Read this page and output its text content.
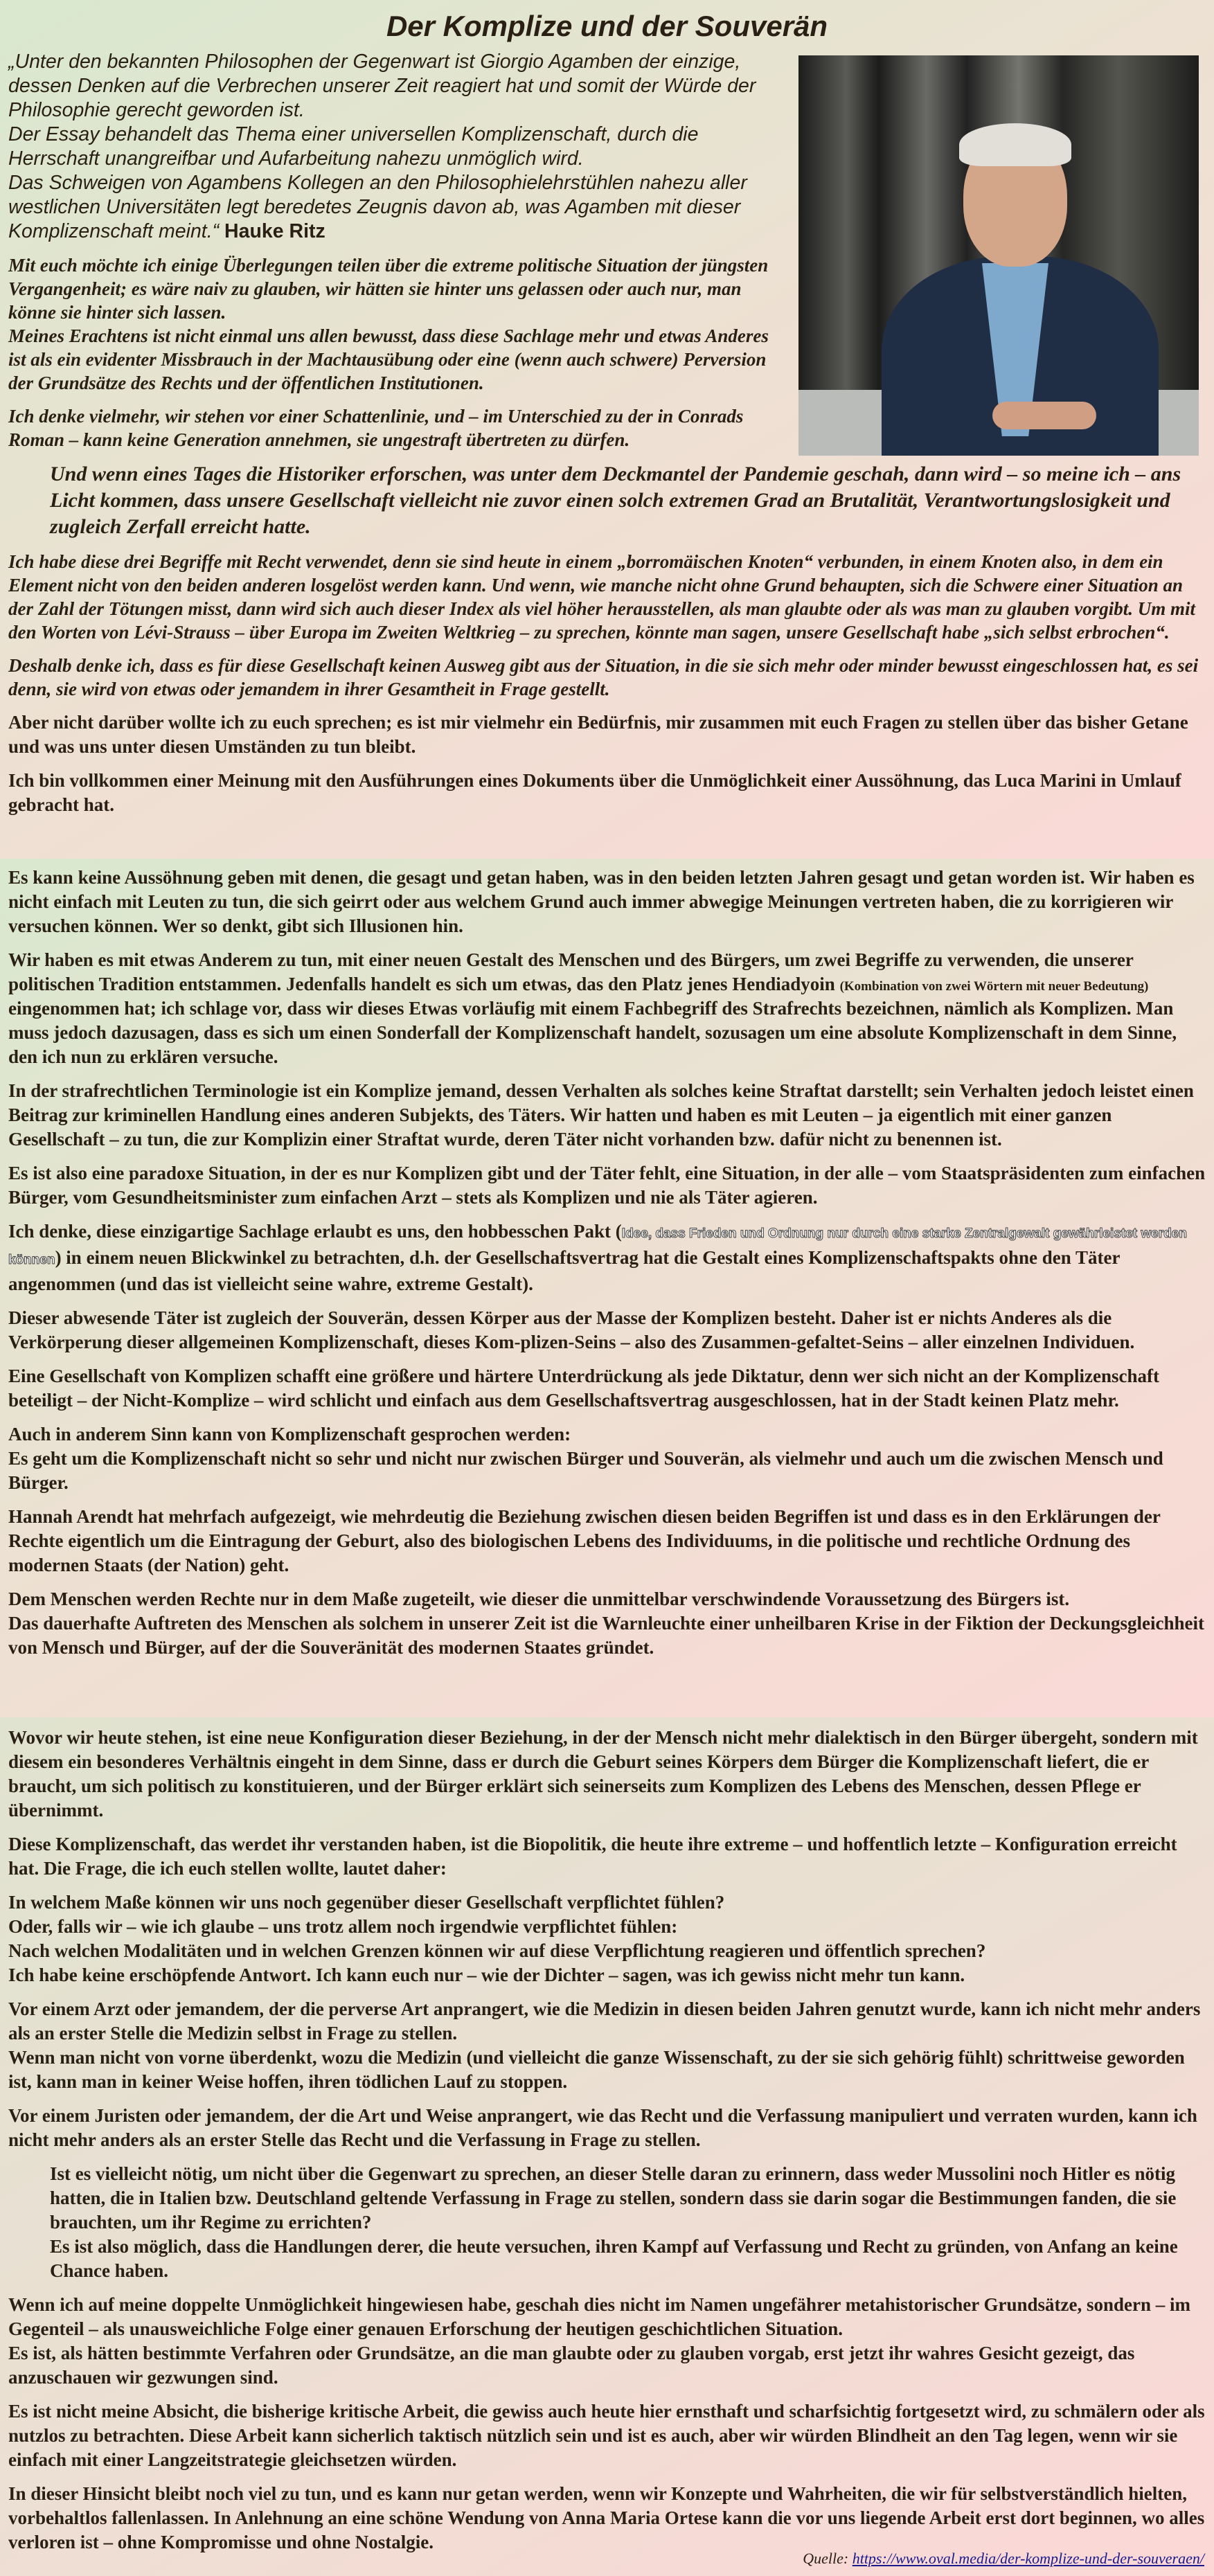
Der Komplize und der Souverän

„Unter den bekannten Philosophen der Gegenwart ist Giorgio Agamben der einzige, dessen Denken auf die Verbrechen unserer Zeit reagiert hat und somit der Würde der Philosophie gerecht geworden ist.

Der Essay behandelt das Thema einer universellen Komplizenschaft, durch die Herrschaft unangreifbar und Aufarbeitung nahezu unmöglich wird.

Das Schweigen von Agambens Kollegen an den Philosophielehrstühlen nahezu aller westlichen Universitäten legt beredetes Zeugnis davon ab, was Agamben mit dieser Komplizenschaft meint.“ Hauke Ritz

Mit euch möchte ich einige Überlegungen teilen über die extreme politische Situation der jüngsten Vergangenheit; es wäre naiv zu glauben, wir hätten sie hinter uns gelassen oder auch nur, man könne sie hinter sich lassen.

Meines Erachtens ist nicht einmal uns allen bewusst, dass diese Sachlage mehr und etwas Anderes ist als ein evidenter Missbrauch in der Machtausübung oder eine (wenn auch schwere) Perversion der Grundsätze des Rechts und der öffentlichen Institutionen.

Ich denke vielmehr, wir stehen vor einer Schattenlinie, und – im Unterschied zu der in Conrads Roman – kann keine Generation annehmen, sie ungestraft übertreten zu dürfen.

Und wenn eines Tages die Historiker erforschen, was unter dem Deckmantel der Pandemie geschah, dann wird – so meine ich – ans Licht kommen, dass unsere Gesellschaft vielleicht nie zuvor einen solch extremen Grad an Brutalität, Verantwortungslosigkeit und zugleich Zerfall erreicht hatte.

Ich habe diese drei Begriffe mit Recht verwendet, denn sie sind heute in einem „borromäischen Knoten“ verbunden, in einem Knoten also, in dem ein Element nicht von den beiden anderen losgelöst werden kann. Und wenn, wie manche nicht ohne Grund behaupten, sich die Schwere einer Situation an der Zahl der Tötungen misst, dann wird sich auch dieser Index als viel höher herausstellen, als man glaubte oder als was man zu glauben vorgibt. Um mit den Worten von Lévi-Strauss – über Europa im Zweiten Weltkrieg – zu sprechen, könnte man sagen, unsere Gesellschaft habe „sich selbst erbrochen“.

Deshalb denke ich, dass es für diese Gesellschaft keinen Ausweg gibt aus der Situation, in die sie sich mehr oder minder bewusst eingeschlossen hat, es sei denn, sie wird von etwas oder jemandem in ihrer Gesamtheit in Frage gestellt.

Aber nicht darüber wollte ich zu euch sprechen; es ist mir vielmehr ein Bedürfnis, mir zusammen mit euch Fragen zu stellen über das bisher Getane und was uns unter diesen Umständen zu tun bleibt.

Ich bin vollkommen einer Meinung mit den Ausführungen eines Dokuments über die Unmöglichkeit einer Aussöhnung, das Luca Marini in Umlauf gebracht hat.

Es kann keine Aussöhnung geben mit denen, die gesagt und getan haben, was in den beiden letzten Jahren gesagt und getan worden ist. Wir haben es nicht einfach mit Leuten zu tun, die sich geirrt oder aus welchem Grund auch immer abwegige Meinungen vertreten haben, die zu korrigieren wir versuchen können. Wer so denkt, gibt sich Illusionen hin.

Wir haben es mit etwas Anderem zu tun, mit einer neuen Gestalt des Menschen und des Bürgers, um zwei Begriffe zu verwenden, die unserer politischen Tradition entstammen. Jedenfalls handelt es sich um etwas, das den Platz jenes Hendiadyoin (Kombination von zwei Wörtern mit neuer Bedeutung) eingenommen hat; ich schlage vor, dass wir dieses Etwas vorläufig mit einem Fachbegriff des Strafrechts bezeichnen, nämlich als Komplizen. Man muss jedoch dazusagen, dass es sich um einen Sonderfall der Komplizenschaft handelt, sozusagen um eine absolute Komplizenschaft in dem Sinne, den ich nun zu erklären versuche.

In der strafrechtlichen Terminologie ist ein Komplize jemand, dessen Verhalten als solches keine Straftat darstellt; sein Verhalten jedoch leistet einen Beitrag zur kriminellen Handlung eines anderen Subjekts, des Täters. Wir hatten und haben es mit Leuten – ja eigentlich mit einer ganzen Gesellschaft – zu tun, die zur Komplizin einer Straftat wurde, deren Täter nicht vorhanden bzw. dafür nicht zu benennen ist.

Es ist also eine paradoxe Situation, in der es nur Komplizen gibt und der Täter fehlt, eine Situation, in der alle – vom Staatspräsidenten zum einfachen Bürger, vom Gesundheitsminister zum einfachen Arzt – stets als Komplizen und nie als Täter agieren.

Ich denke, diese einzigartige Sachlage erlaubt es uns, den hobbesschen Pakt (Idee, dass Frieden und Ordnung nur durch eine starke Zentralgewalt gewährleistet werden können) in einem neuen Blickwinkel zu betrachten, d.h. der Gesellschaftsvertrag hat die Gestalt eines Komplizenschaftspakts ohne den Täter angenommen (und das ist vielleicht seine wahre, extreme Gestalt).

Dieser abwesende Täter ist zugleich der Souverän, dessen Körper aus der Masse der Komplizen besteht. Daher ist er nichts Anderes als die Verkörperung dieser allgemeinen Komplizenschaft, dieses Kom-plizen-Seins – also des Zusammen-gefaltet-Seins – aller einzelnen Individuen.

Eine Gesellschaft von Komplizen schafft eine größere und härtere Unterdrückung als jede Diktatur, denn wer sich nicht an der Komplizenschaft beteiligt – der Nicht-Komplize – wird schlicht und einfach aus dem Gesellschaftsvertrag ausgeschlossen, hat in der Stadt keinen Platz mehr.

Auch in anderem Sinn kann von Komplizenschaft gesprochen werden:

Es geht um die Komplizenschaft nicht so sehr und nicht nur zwischen Bürger und Souverän, als vielmehr und auch um die zwischen Mensch und Bürger.

Hannah Arendt hat mehrfach aufgezeigt, wie mehrdeutig die Beziehung zwischen diesen beiden Begriffen ist und dass es in den Erklärungen der Rechte eigentlich um die Eintragung der Geburt, also des biologischen Lebens des Individuums, in die politische und rechtliche Ordnung des modernen Staats (der Nation) geht.

Dem Menschen werden Rechte nur in dem Maße zugeteilt, wie dieser die unmittelbar verschwindende Voraussetzung des Bürgers ist.

Das dauerhafte Auftreten des Menschen als solchem in unserer Zeit ist die Warnleuchte einer unheilbaren Krise in der Fiktion der Deckungsgleichheit von Mensch und Bürger, auf der die Souveränität des modernen Staates gründet.

Wovor wir heute stehen, ist eine neue Konfiguration dieser Beziehung, in der der Mensch nicht mehr dialektisch in den Bürger übergeht, sondern mit diesem ein besonderes Verhältnis eingeht in dem Sinne, dass er durch die Geburt seines Körpers dem Bürger die Komplizenschaft liefert, die er braucht, um sich politisch zu konstituieren, und der Bürger erklärt sich seinerseits zum Komplizen des Lebens des Menschen, dessen Pflege er übernimmt.

Diese Komplizenschaft, das werdet ihr verstanden haben, ist die Biopolitik, die heute ihre extreme – und hoffentlich letzte – Konfiguration erreicht hat. Die Frage, die ich euch stellen wollte, lautet daher:

In welchem Maße können wir uns noch gegenüber dieser Gesellschaft verpflichtet fühlen?

Oder, falls wir – wie ich glaube – uns trotz allem noch irgendwie verpflichtet fühlen:

Nach welchen Modalitäten und in welchen Grenzen können wir auf diese Verpflichtung reagieren und öffentlich sprechen?

Ich habe keine erschöpfende Antwort. Ich kann euch nur – wie der Dichter – sagen, was ich gewiss nicht mehr tun kann.

Vor einem Arzt oder jemandem, der die perverse Art anprangert, wie die Medizin in diesen beiden Jahren genutzt wurde, kann ich nicht mehr anders als an erster Stelle die Medizin selbst in Frage zu stellen.

Wenn man nicht von vorne überdenkt, wozu die Medizin (und vielleicht die ganze Wissenschaft, zu der sie sich gehörig fühlt) schrittweise geworden ist, kann man in keiner Weise hoffen, ihren tödlichen Lauf zu stoppen.

Vor einem Juristen oder jemandem, der die Art und Weise anprangert, wie das Recht und die Verfassung manipuliert und verraten wurden, kann ich nicht mehr anders als an erster Stelle das Recht und die Verfassung in Frage zu stellen.

Ist es vielleicht nötig, um nicht über die Gegenwart zu sprechen, an dieser Stelle daran zu erinnern, dass weder Mussolini noch Hitler es nötig hatten, die in Italien bzw. Deutschland geltende Verfassung in Frage zu stellen, sondern dass sie darin sogar die Bestimmungen fanden, die sie brauchten, um ihr Regime zu errichten?

Es ist also möglich, dass die Handlungen derer, die heute versuchen, ihren Kampf auf Verfassung und Recht zu gründen, von Anfang an keine Chance haben.

Wenn ich auf meine doppelte Unmöglichkeit hingewiesen habe, geschah dies nicht im Namen ungefährer metahistorischer Grundsätze, sondern – im Gegenteil – als unausweichliche Folge einer genauen Erforschung der heutigen geschichtlichen Situation.

Es ist, als hätten bestimmte Verfahren oder Grundsätze, an die man glaubte oder zu glauben vorgab, erst jetzt ihr wahres Gesicht gezeigt, das anzuschauen wir gezwungen sind.

Es ist nicht meine Absicht, die bisherige kritische Arbeit, die gewiss auch heute hier ernsthaft und scharfsichtig fortgesetzt wird, zu schmälern oder als nutzlos zu betrachten. Diese Arbeit kann sicherlich taktisch nützlich sein und ist es auch, aber wir würden Blindheit an den Tag legen, wenn wir sie einfach mit einer Langzeitstrategie gleichsetzen würden.

In dieser Hinsicht bleibt noch viel zu tun, und es kann nur getan werden, wenn wir Konzepte und Wahrheiten, die wir für selbstverständlich hielten, vorbehaltlos fallenlassen. In Anlehnung an eine schöne Wendung von Anna Maria Ortese kann die vor uns liegende Arbeit erst dort beginnen, wo alles verloren ist – ohne Kompromisse und ohne Nostalgie.

Quelle: https://www.oval.media/der-komplize-und-der-souveraen/
